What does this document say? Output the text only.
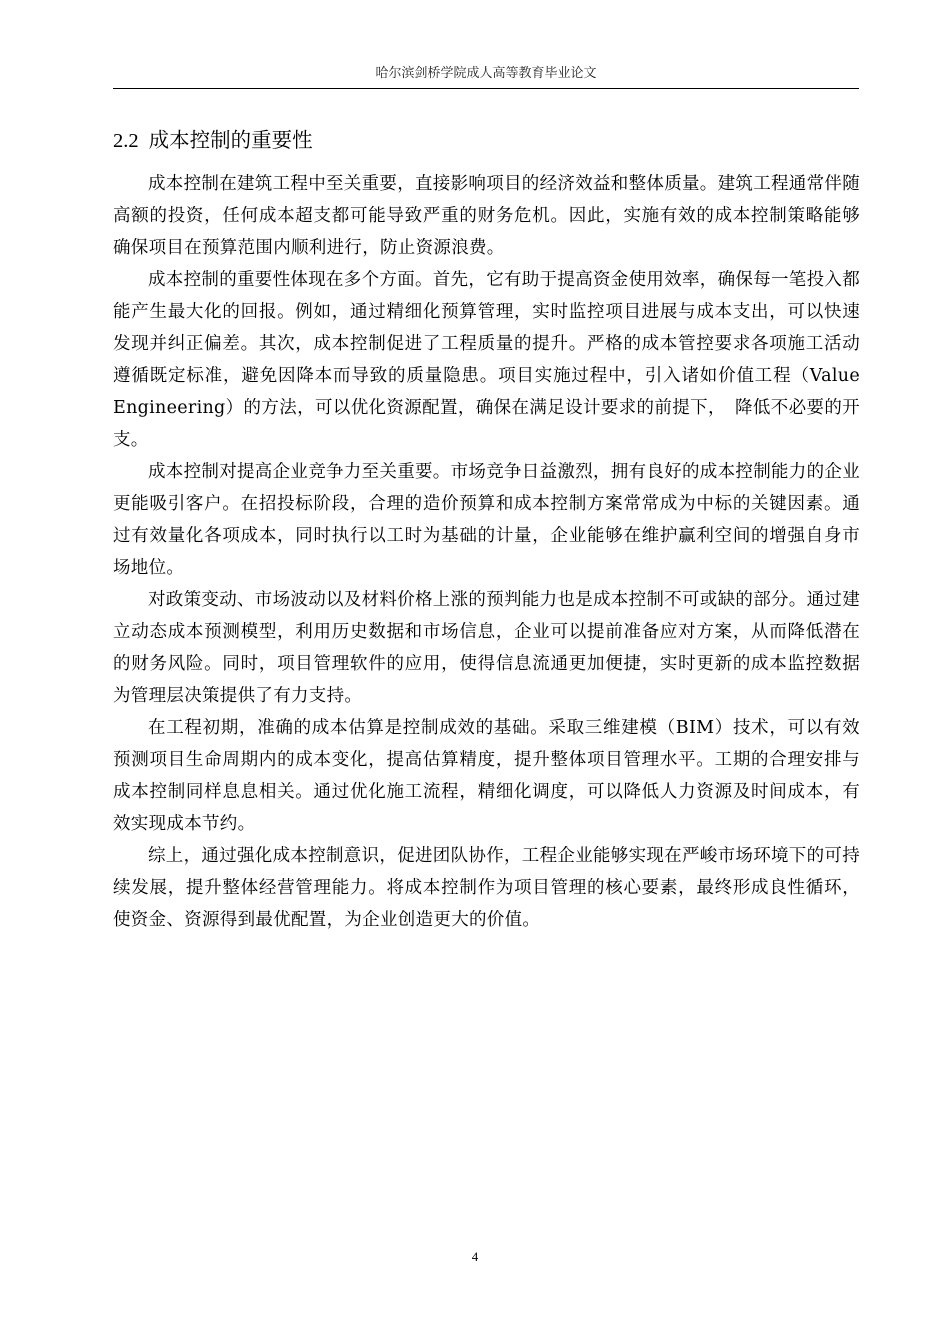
哈尔滨剑桥学院成人高等教育毕业论文
2.2 成本控制的重要性

成本控制在建筑工程中至关重要，直接影响项目的经济效益和整体质量。建筑工程通常伴随高额的投资，任何成本超支都可能导致严重的财务危机。因此，实施有效的成本控制策略能够确保项目在预算范围内顺利进行，防止资源浪费。

成本控制的重要性体现在多个方面。首先，它有助于提高资金使用效率，确保每一笔投入都能产生最大化的回报。例如，通过精细化预算管理，实时监控项目进展与成本支出，可以快速发现并纠正偏差。其次，成本控制促进了工程质量的提升。严格的成本管控要求各项施工活动遵循既定标准，避免因降本而导致的质量隐患。项目实施过程中，引入诸如价值工程（Value Engineering）的方法，可以优化资源配置，确保在满足设计要求的前提下，　降低不必要的开支。

成本控制对提高企业竞争力至关重要。市场竞争日益激烈，拥有良好的成本控制能力的企业更能吸引客户。在招投标阶段，合理的造价预算和成本控制方案常常成为中标的关键因素。通过有效量化各项成本，同时执行以工时为基础的计量，企业能够在维护赢利空间的增强自身市场地位。

对政策变动、市场波动以及材料价格上涨的预判能力也是成本控制不可或缺的部分。通过建立动态成本预测模型，利用历史数据和市场信息，企业可以提前准备应对方案，从而降低潜在的财务风险。同时，项目管理软件的应用，使得信息流通更加便捷，实时更新的成本监控数据为管理层决策提供了有力支持。

在工程初期，准确的成本估算是控制成效的基础。采取三维建模（BIM）技术，可以有效预测项目生命周期内的成本变化，提高估算精度，提升整体项目管理水平。工期的合理安排与成本控制同样息息相关。通过优化施工流程，精细化调度，可以降低人力资源及时间成本，有效实现成本节约。

综上，通过强化成本控制意识，促进团队协作，工程企业能够实现在严峻市场环境下的可持续发展，提升整体经营管理能力。将成本控制作为项目管理的核心要素，最终形成良性循环，使资金、资源得到最优配置，为企业创造更大的价值。

4
